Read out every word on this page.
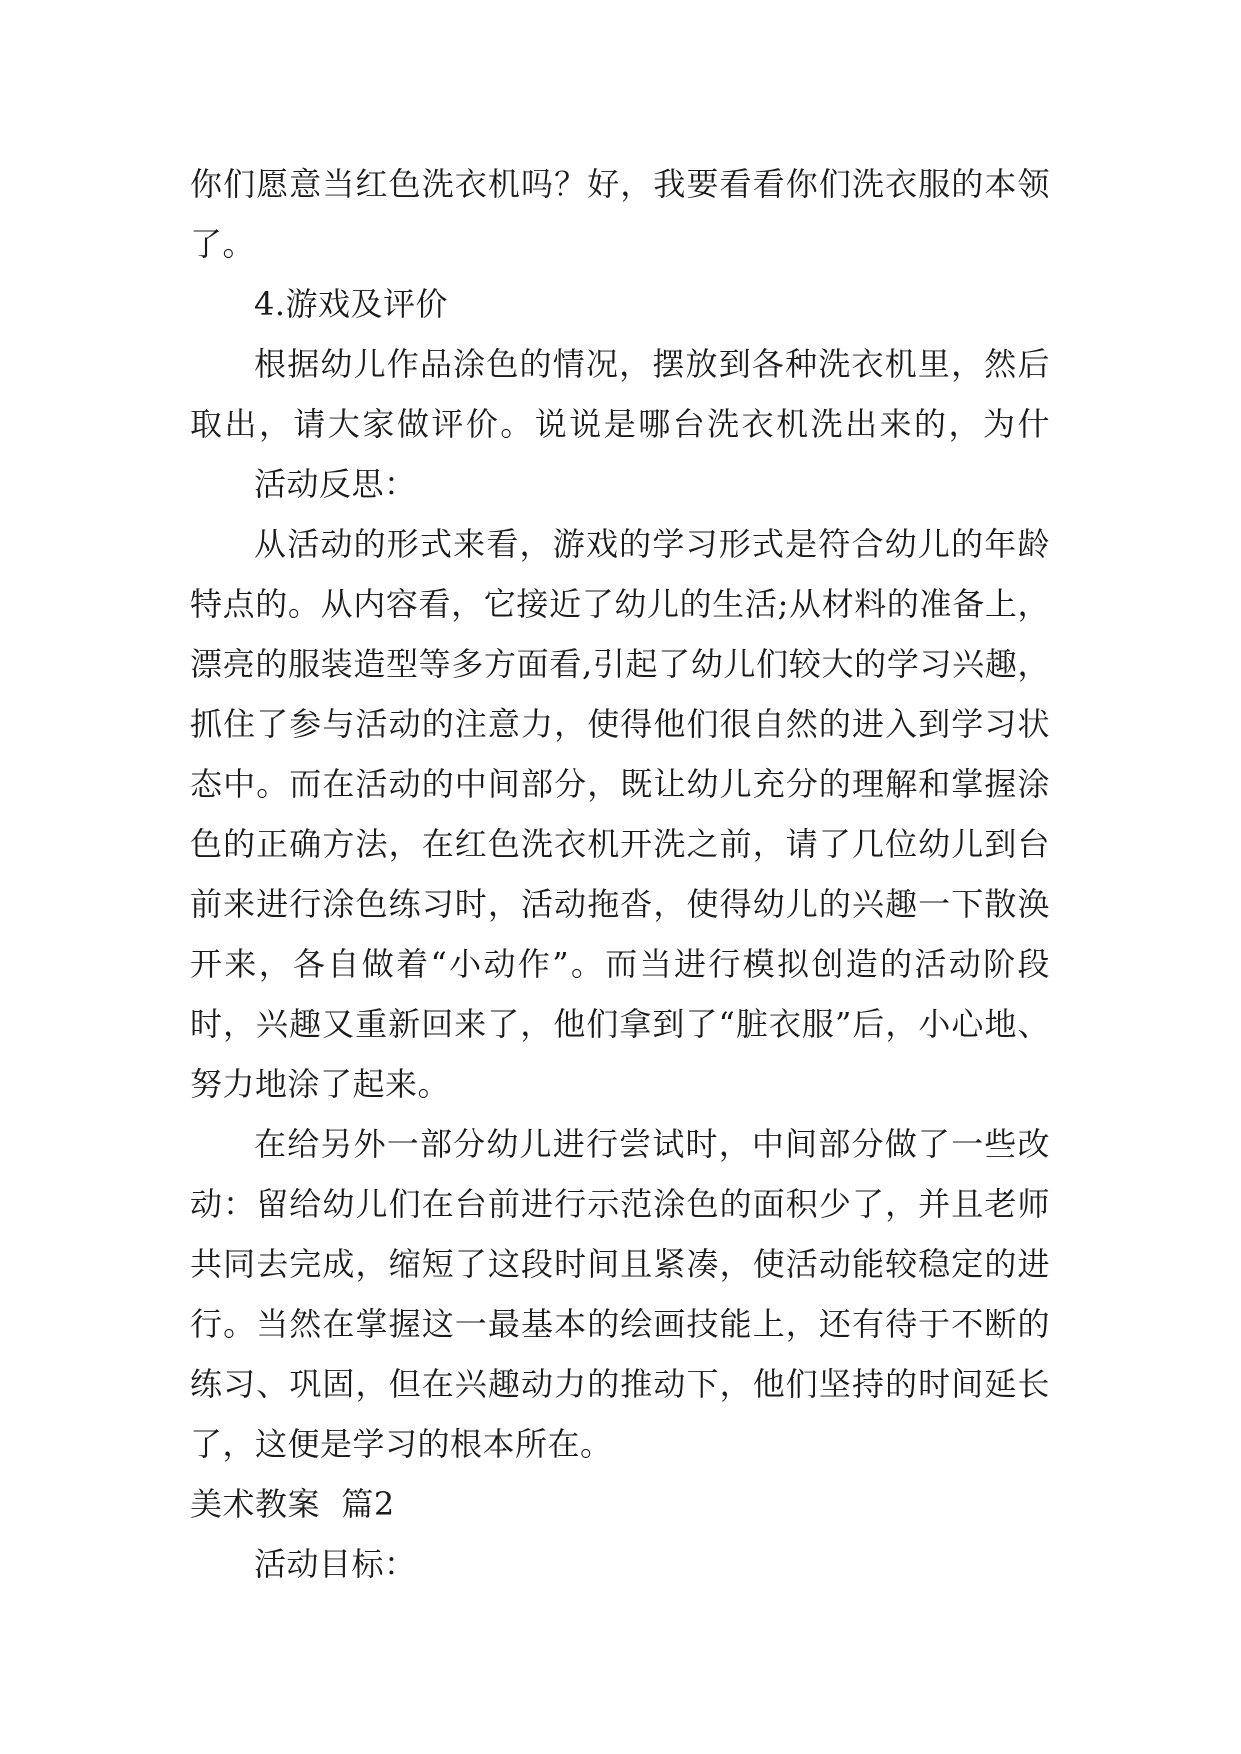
你们愿意当红色洗衣机吗？好，我要看看你们洗衣服的本领
了。
4.游戏及评价
根据幼儿作品涂色的情况，摆放到各种洗衣机里，然后
取出，请大家做评价。说说是哪台洗衣机洗出来的，为什
活动反思：
从活动的形式来看，游戏的学习形式是符合幼儿的年龄
特点的。从内容看，它接近了幼儿的生活;从材料的准备上，
漂亮的服装造型等多方面看,引起了幼儿们较大的学习兴趣，
抓住了参与活动的注意力，使得他们很自然的进入到学习状
态中。而在活动的中间部分，既让幼儿充分的理解和掌握涂
色的正确方法，在红色洗衣机开洗之前，请了几位幼儿到台
前来进行涂色练习时，活动拖沓，使得幼儿的兴趣一下散涣
开来，各自做着“小动作”。而当进行模拟创造的活动阶段
时，兴趣又重新回来了，他们拿到了“脏衣服”后，小心地、
努力地涂了起来。
在给另外一部分幼儿进行尝试时，中间部分做了一些改
动：留给幼儿们在台前进行示范涂色的面积少了，并且老师
共同去完成，缩短了这段时间且紧凑，使活动能较稳定的进
行。当然在掌握这一最基本的绘画技能上，还有待于不断的
练习、巩固，但在兴趣动力的推动下，他们坚持的时间延长
了，这便是学习的根本所在。
美术教案  篇2
活动目标：
